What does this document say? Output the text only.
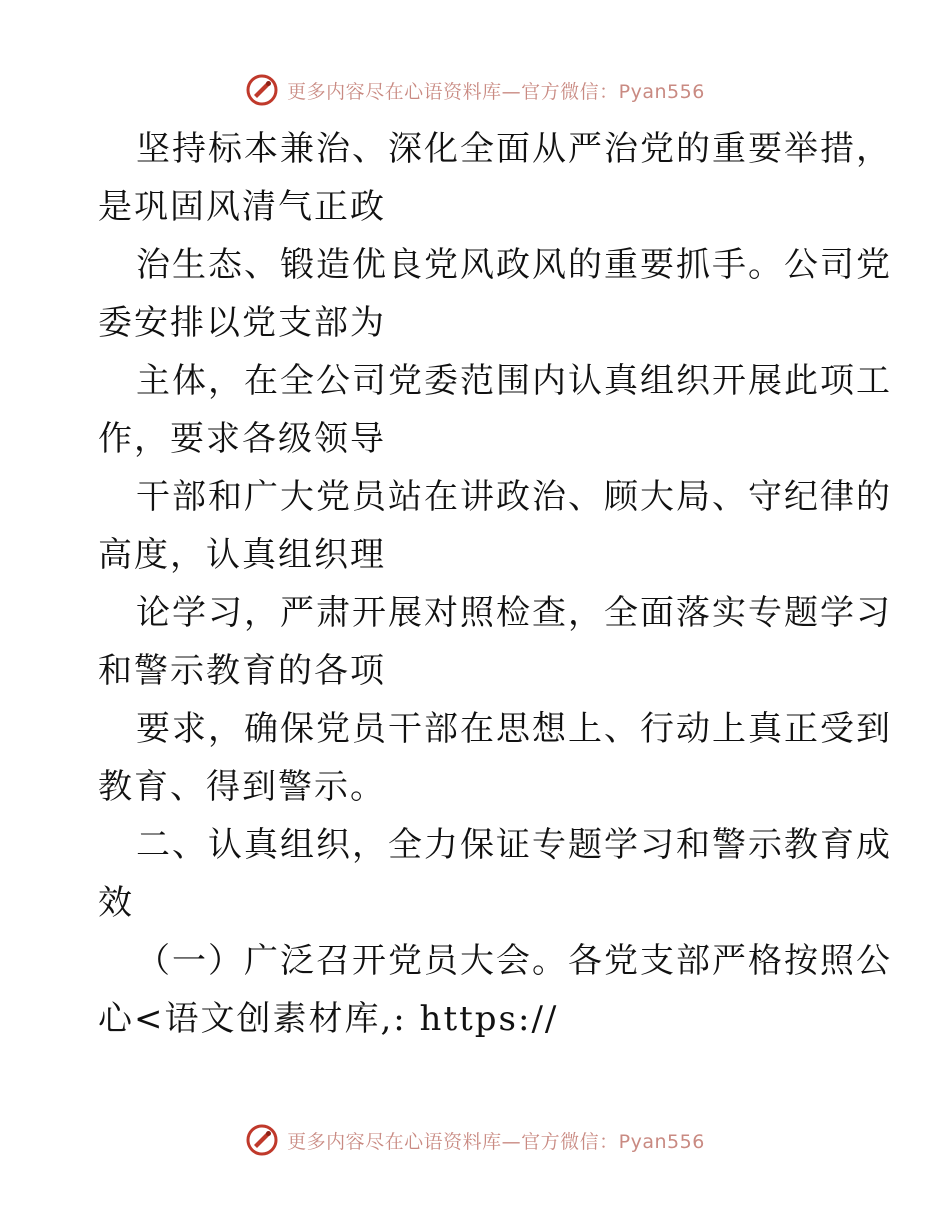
更多内容尽在心语资料库—官方微信：Pyan556
坚持标本兼治、深化全面从严治党的重要举措，
是巩固风清气正政
治生态、锻造优良党风政风的重要抓手。公司党
委安排以党支部为
主体，在全公司党委范围内认真组织开展此项工
作，要求各级领导
干部和广大党员站在讲政治、顾大局、守纪律的
高度，认真组织理
论学习，严肃开展对照检查，全面落实专题学习
和警示教育的各项
要求，确保党员干部在思想上、行动上真正受到
教育、得到警示。
二、认真组织，全力保证专题学习和警示教育成
效
（一）广泛召开党员大会。各党支部严格按照公
心<语文创素材库,: https://
更多内容尽在心语资料库—官方微信：Pyan556
